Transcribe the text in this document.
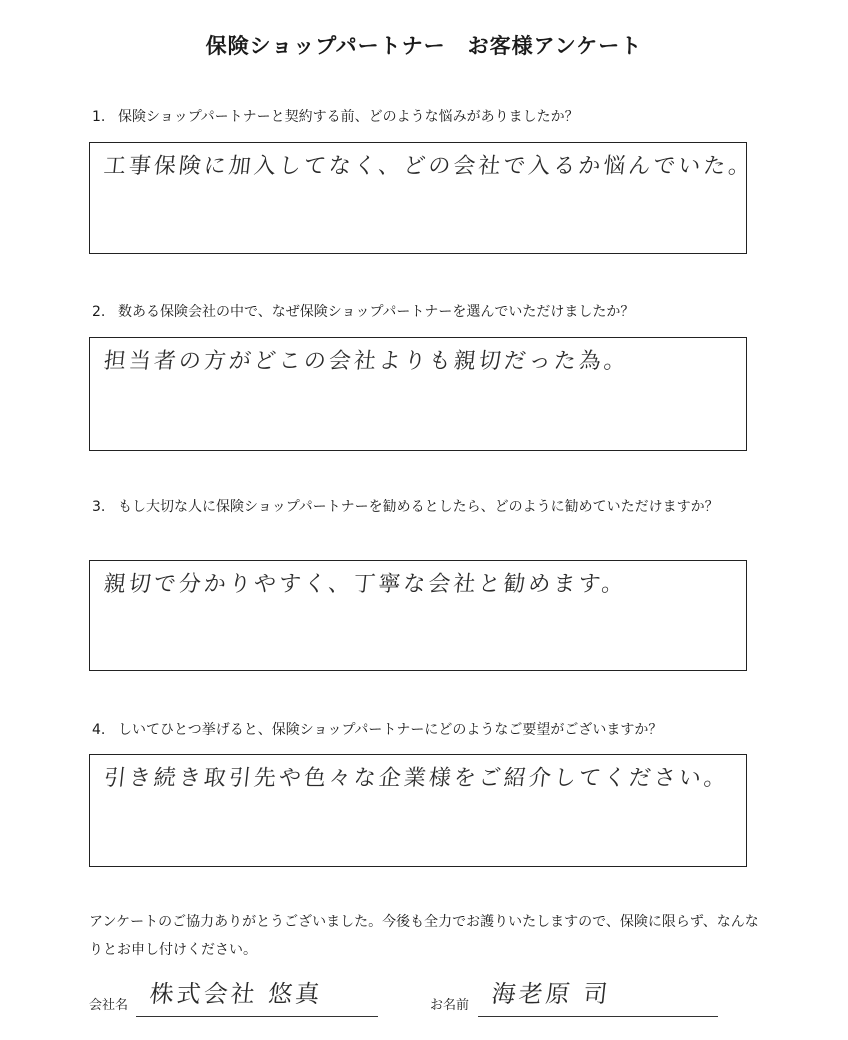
保険ショップパートナー　お客様アンケート
1. 保険ショップパートナーと契約する前、どのような悩みがありましたか？
工事保険に加入してなく、どの会社で入るか悩んでいた。
2. 数ある保険会社の中で、なぜ保険ショップパートナーを選んでいただけましたか？
担当者の方がどこの会社よりも親切だった為。
3. もし大切な人に保険ショップパートナーを勧めるとしたら、どのように勧めていただけますか？
親切で分かりやすく、丁寧な会社と勧めます。
4. しいてひとつ挙げると、保険ショップパートナーにどのようなご要望がございますか？
引き続き取引先や色々な企業様をご紹介してください。
アンケートのご協力ありがとうございました。今後も全力でお護りいたしますので、保険に限らず、なんなりとお申し付けください。
会社名 株式会社 悠真	お名前 海老原 司
